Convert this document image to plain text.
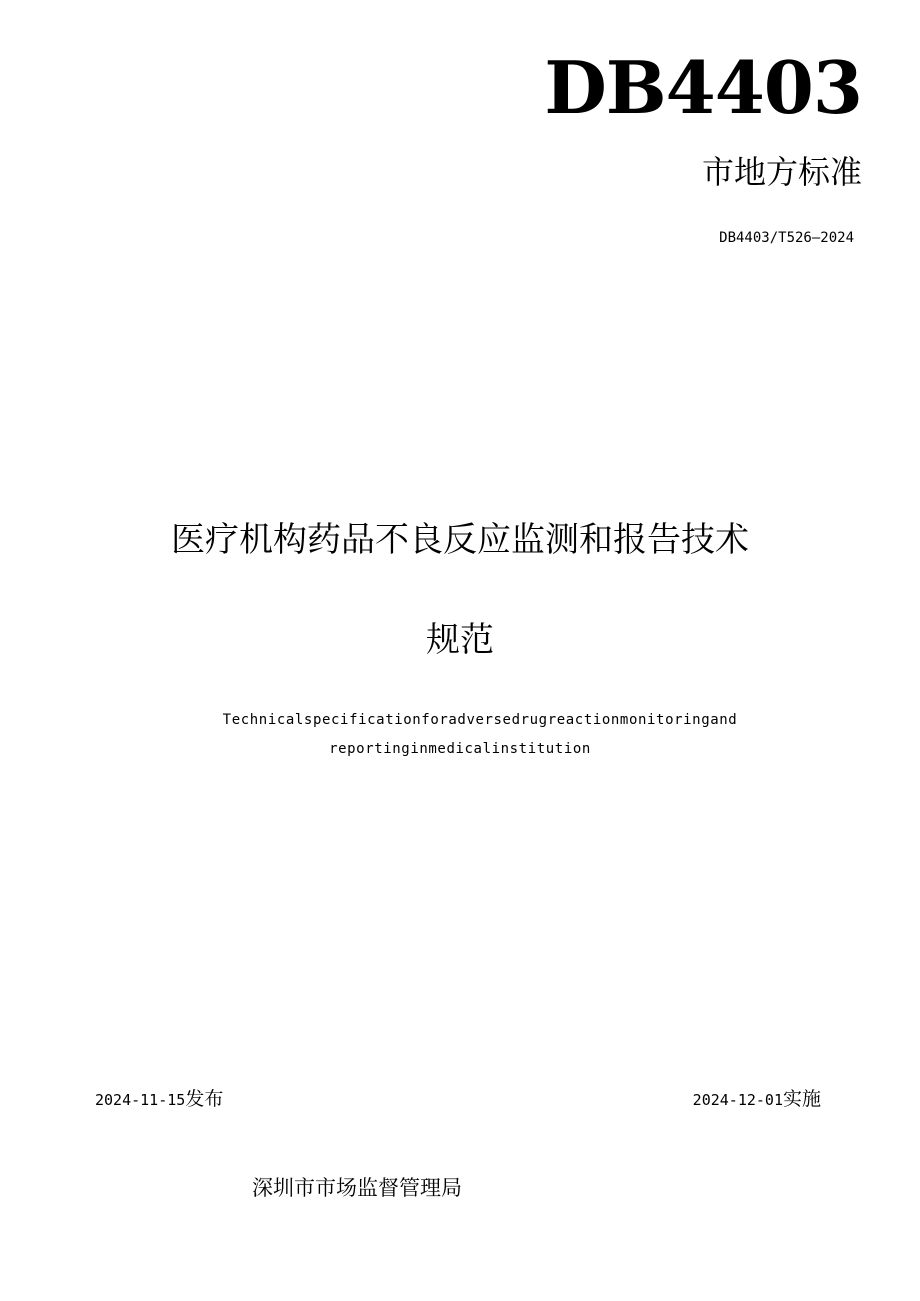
DB4403
市地方标准
DB4403/T526—2024
医疗机构药品不良反应监测和报告技术
规范
Technicalspecificationforadversedrugreactionmonitoringand
reportinginmedicalinstitution
2024-11-15发布	2024-12-01实施
深圳市市场监督管理局
